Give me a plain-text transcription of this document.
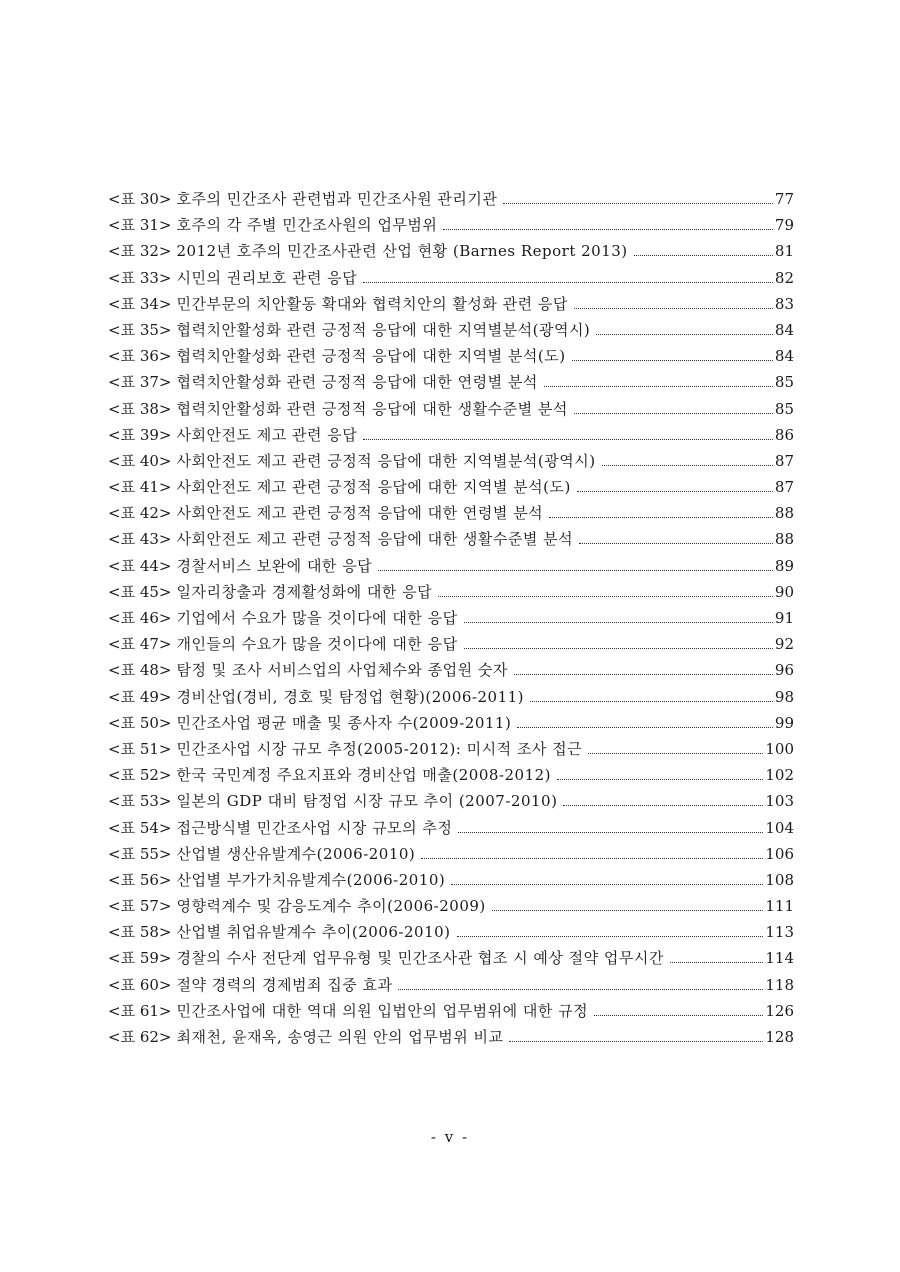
<표 30> 호주의 민간조사 관련법과 민간조사원 관리기관	77
<표 31> 호주의 각 주별 민간조사원의 업무범위	79
<표 32> 2012년 호주의 민간조사관련 산업 현황 (Barnes Report 2013)	81
<표 33> 시민의 권리보호 관련 응답	82
<표 34> 민간부문의 치안활동 확대와 협력치안의 활성화 관련 응답	83
<표 35> 협력치안활성화 관련 긍정적 응답에 대한 지역별분석(광역시)	84
<표 36> 협력치안활성화 관련 긍정적 응답에 대한 지역별 분석(도)	84
<표 37> 협력치안활성화 관련 긍정적 응답에 대한 연령별 분석	85
<표 38> 협력치안활성화 관련 긍정적 응답에 대한 생활수준별 분석	85
<표 39> 사회안전도 제고 관련 응답	86
<표 40> 사회안전도 제고 관련 긍정적 응답에 대한 지역별분석(광역시)	87
<표 41> 사회안전도 제고 관련 긍정적 응답에 대한 지역별 분석(도)	87
<표 42> 사회안전도 제고 관련 긍정적 응답에 대한 연령별 분석	88
<표 43> 사회안전도 제고 관련 긍정적 응답에 대한 생활수준별 분석	88
<표 44> 경찰서비스 보완에 대한 응답	89
<표 45> 일자리창출과 경제활성화에 대한 응답	90
<표 46> 기업에서 수요가 많을 것이다에 대한 응답	91
<표 47> 개인들의 수요가 많을 것이다에 대한 응답	92
<표 48> 탐정 및 조사 서비스업의 사업체수와 종업원 숫자	96
<표 49> 경비산업(경비, 경호 및 탐정업 현황)(2006-2011)	98
<표 50> 민간조사업 평균 매출 및 종사자 수(2009-2011)	99
<표 51> 민간조사업 시장 규모 추정(2005-2012): 미시적 조사 접근	100
<표 52> 한국 국민계정 주요지표와 경비산업 매출(2008-2012)	102
<표 53> 일본의 GDP 대비 탐정업 시장 규모 추이 (2007-2010)	103
<표 54> 접근방식별 민간조사업 시장 규모의 추정	104
<표 55> 산업별 생산유발계수(2006-2010)	106
<표 56> 산업별 부가가치유발계수(2006-2010)	108
<표 57> 영향력계수 및 감응도계수 추이(2006-2009)	111
<표 58> 산업별 취업유발계수 추이(2006-2010)	113
<표 59> 경찰의 수사 전단계 업무유형 및 민간조사관 협조 시 예상 절약 업무시간	114
<표 60> 절약 경력의 경제범죄 집중 효과	118
<표 61> 민간조사업에 대한 역대 의원 입법안의 업무범위에 대한 규정	126
<표 62> 최재천, 윤재옥, 송영근 의원 안의 업무범위 비교	128
- v -
